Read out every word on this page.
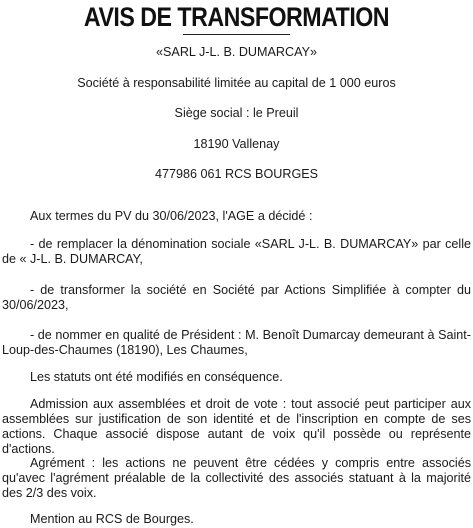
AVIS DE TRANSFORMATION
«SARL J-L. B. DUMARCAY»
Société à responsabilité limitée au capital de 1 000 euros
Siège social : le Preuil
18190 Vallenay
477986 061 RCS BOURGES
Aux termes du PV du 30/06/2023, l'AGE a décidé :
- de remplacer la dénomination sociale «SARL J-L. B. DUMARCAY» par celle de « J-L. B. DUMARCAY,
- de transformer la société en Société par Actions Simplifiée à compter du 30/06/2023,
- de nommer en qualité de Président : M. Benoît Dumarcay demeurant à Saint-Loup-des-Chaumes (18190), Les Chaumes,
Les statuts ont été modifiés en conséquence.
Admission aux assemblées et droit de vote : tout associé peut participer aux assemblées sur justification de son identité et de l'inscription en compte de ses actions. Chaque associé dispose autant de voix qu'il possède ou représente d'actions.
Agrément : les actions ne peuvent être cédées y compris entre associés qu'avec l'agrément préalable de la collectivité des associés statuant à la majorité des 2/3 des voix.
Mention au RCS de Bourges.
